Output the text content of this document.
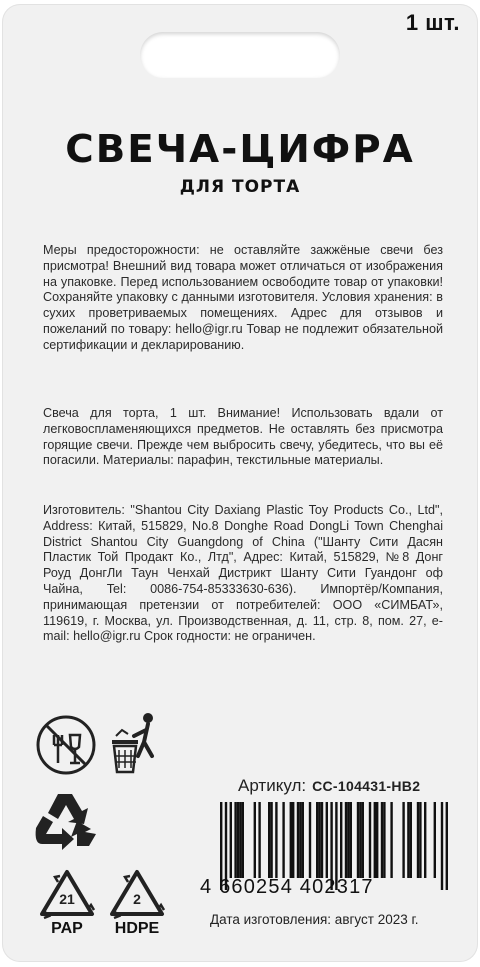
1 шт.
СВЕЧА-ЦИФРА
ДЛЯ ТОРТА

Меры предосторожности: не оставляйте зажжёные свечи без присмотра! Внешний вид товара может отличаться от изображения на упаковке. Перед использованием освободите товар от упаковки! Сохраняйте упаковку с данными изготовителя. Условия хранения: в сухих проветриваемых помещениях. Адрес для отзывов и пожеланий по товару: hello@igr.ru Товар не подлежит обязательной сертификации и декларированию.

Свеча для торта, 1 шт. Внимание! Использовать вдали от легковоспламеняющихся предметов. Не оставлять без присмотра горящие свечи. Прежде чем выбросить свечу, убедитесь, что вы её погасили. Материалы: парафин, текстильные материалы.

Изготовитель: "Shantou City Daxiang Plastic Toy Products Co., Ltd", Address: Китай, 515829, No.8 Donghe Road DongLi Town Chenghai District Shantou City Guangdong of China ("Шанту Сити Дасян Пластик Той Продакт Ко., Лтд", Адрес: Китай, 515829, №8 Донг Роуд ДонгЛи Таун Ченхай Дистрикт Шанту Сити Гуандонг оф Чайна, Tel: 0086-754-85333630-636). Импортёр/Компания, принимающая претензии от потребителей: ООО «СИМБАТ», 119619, г. Москва, ул. Производственная, д. 11, стр. 8, пом. 27, e-mail: hello@igr.ru Срок годности: не ограничен.

21
PAP
2
HDPE
Артикул: CC-104431-HB2
4 660254 402317
Дата изготовления: август 2023 г.
